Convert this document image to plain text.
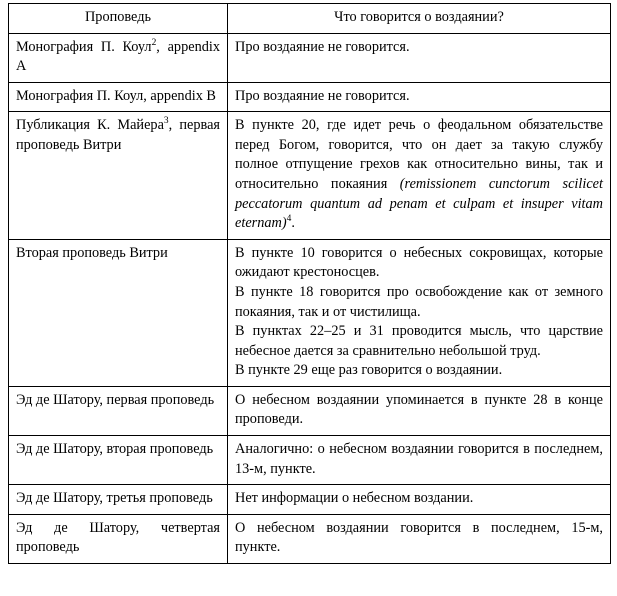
Проповедь	Что говорится о воздаянии?
Монография П. Коул$^2$, appendix A	Про воздаяние не говорится.

Монография П. Коул, appendix B	Про воздаяние не говорится.

Публикация К. Майера$^3$, первая проповедь Витри	В пункте 20, где идет речь о феодальном обязательстве перед Богом, говорится, что он дает за такую службу полное отпущение грехов как относительно вины, так и относительно покаяния (remissionem cunctorum scilicet peccatorum quantum ad penam et culpam et insuper vitam eternam)$^4$.

Вторая проповедь Витри	В пункте 10 говорится о небесных сокровищах, которые ожидают крестоносцев.

В пункте 18 говорится про освобождение как от земного покаяния, так и от чистилища.

В пунктах 22–25 и 31 проводится мысль, что царствие небесное дается за сравнительно небольшой труд.

В пункте 29 еще раз говорится о воздаянии.

Эд де Шатору, первая проповедь	О небесном воздаянии упоминается в пункте 28 в конце проповеди.

Эд де Шатору, вторая проповедь	Аналогично: о небесном воздаянии говорится в последнем, 13-м, пункте.

Эд де Шатору, третья проповедь	Нет информации о небесном воздании.

Эд де Шатору, четвертая проповедь	О небесном воздаянии говорится в последнем, 15-м, пункте.
